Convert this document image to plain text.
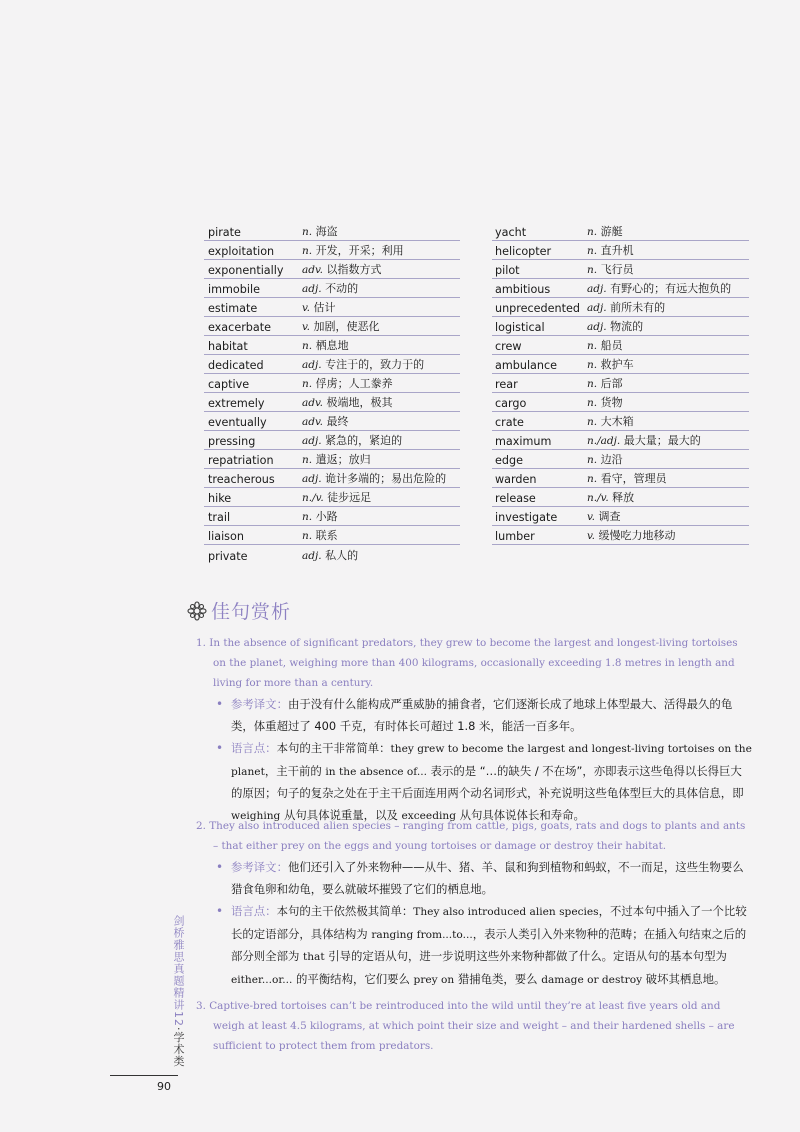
pirate	n. 海盗
exploitation	n. 开发，开采；利用
exponentially	adv. 以指数方式
immobile	adj. 不动的
estimate	v. 估计
exacerbate	v. 加剧，使恶化
habitat	n. 栖息地
dedicated	adj. 专注于的，致力于的
captive	n. 俘虏；人工豢养
extremely	adv. 极端地，极其
eventually	adv. 最终
pressing	adj. 紧急的，紧迫的
repatriation	n. 遣返；放归
treacherous	adj. 诡计多端的；易出危险的
hike	n./v. 徒步远足
trail	n. 小路
liaison	n. 联系
private	adj. 私人的
yacht	n. 游艇
helicopter	n. 直升机
pilot	n. 飞行员
ambitious	adj. 有野心的；有远大抱负的
unprecedented adj. 前所未有的
logistical	adj. 物流的
crew	n. 船员
ambulance	n. 救护车
rear	n. 后部
cargo	n. 货物
crate	n. 大木箱
maximum	n./adj. 最大量；最大的
edge	n. 边沿
warden	n. 看守，管理员
release	n./v. 释放
investigate	v. 调查
lumber	v. 缓慢吃力地移动
佳句赏析

1. In the absence of significant predators, they grew to become the largest and longest-living tortoises on the planet, weighing more than 400 kilograms, occasionally exceeding 1.8 metres in length and living for more than a century.

• 参考译文：由于没有什么能构成严重威胁的捕食者，它们逐渐长成了地球上体型最大、活得最久的龟类，体重超过了 400 千克，有时体长可超过 1.8 米，能活一百多年。
• 语言点：本句的主干非常简单：they grew to become the largest and longest-living tortoises on the planet，主干前的 in the absence of... 表示的是 “…的缺失 / 不在场”，亦即表示这些龟得以长得巨大的原因；句子的复杂之处在于主干后面连用两个动名词形式，补充说明这些龟体型巨大的具体信息，即 weighing 从句具体说重量，以及 exceeding 从句具体说体长和寿命。

2. They also introduced alien species – ranging from cattle, pigs, goats, rats and dogs to plants and ants – that either prey on the eggs and young tortoises or damage or destroy their habitat.

• 参考译文：他们还引入了外来物种——从牛、猪、羊、鼠和狗到植物和蚂蚁，不一而足，这些生物要么猎食龟卵和幼龟，要么就破坏摧毁了它们的栖息地。
• 语言点：本句的主干依然极其简单：They also introduced alien species，不过本句中插入了一个比较长的定语部分，具体结构为 ranging from...to...，表示人类引入外来物种的范畴；在插入句结束之后的部分则全部为 that 引导的定语从句，进一步说明这些外来物种都做了什么。定语从句的基本句型为 either...or... 的平衡结构，它们要么 prey on 猎捕龟类，要么 damage or destroy 破坏其栖息地。

3. Captive-bred tortoises can’t be reintroduced into the wild until they’re at least five years old and weigh at least 4.5 kilograms, at which point their size and weight – and their hardened shells – are sufficient to protect them from predators.

剑桥雅思真题精讲12·学术类
90
